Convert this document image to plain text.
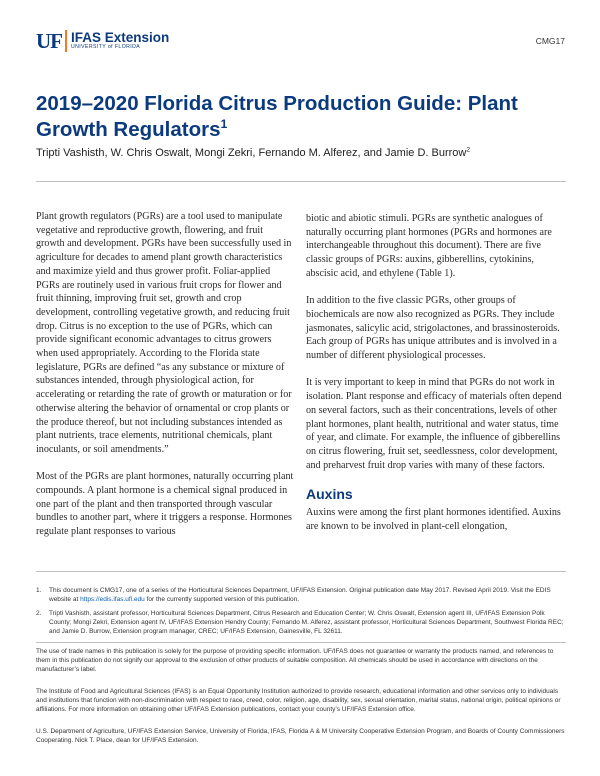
UF IFAS Extension
UNIVERSITY of FLORIDA
CMG17
2019–2020 Florida Citrus Production Guide: Plant Growth Regulators$^1$
Tripti Vashisth, W. Chris Oswalt, Mongi Zekri, Fernando M. Alferez, and Jamie D. Burrow$^2$

Plant growth regulators (PGRs) are a tool used to manipulate vegetative and reproductive growth, flowering, and fruit growth and development. PGRs have been successfully used in agriculture for decades to amend plant growth characteristics and maximize yield and thus grower profit. Foliar-applied PGRs are routinely used in various fruit crops for flower and fruit thinning, improving fruit set, growth and crop development, controlling vegetative growth, and reducing fruit drop. Citrus is no exception to the use of PGRs, which can provide significant economic advantages to citrus growers when used appropriately. According to the Florida state legislature, PGRs are defined “as any substance or mixture of substances intended, through physiological action, for accelerating or retarding the rate of growth or maturation or for otherwise altering the behavior of ornamental or crop plants or the produce thereof, but not including substances intended as plant nutrients, trace elements, nutritional chemicals, plant inoculants, or soil amendments.”

Most of the PGRs are plant hormones, naturally occurring plant compounds. A plant hormone is a chemical signal produced in one part of the plant and then transported through vascular bundles to another part, where it triggers a response. Hormones regulate plant responses to various

biotic and abiotic stimuli. PGRs are synthetic analogues of naturally occurring plant hormones (PGRs and hormones are interchangeable throughout this document). There are five classic groups of PGRs: auxins, gibberellins, cytokinins, abscisic acid, and ethylene (Table 1).

In addition to the five classic PGRs, other groups of biochemicals are now also recognized as PGRs. They include jasmonates, salicylic acid, strigolactones, and brassinosteroids. Each group of PGRs has unique attributes and is involved in a number of different physiological processes.

It is very important to keep in mind that PGRs do not work in isolation. Plant response and efficacy of materials often depend on several factors, such as their concentrations, levels of other plant hormones, plant health, nutritional and water status, time of year, and climate. For example, the influence of gibberellins on citrus flowering, fruit set, seedlessness, color development, and preharvest fruit drop varies with many of these factors.

Auxins

Auxins were among the first plant hormones identified. Auxins are known to be involved in plant-cell elongation,

1.	This document is CMG17, one of a series of the Horticultural Sciences Department, UF/IFAS Extension. Original publication date May 2017. Revised April 2019. Visit the EDIS website at https://edis.ifas.ufl.edu for the currently supported version of this publication.
2.	Tripti Vashisth, assistant professor, Horticultural Sciences Department, Citrus Research and Education Center; W. Chris Oswalt, Extension agent III, UF/IFAS Extension Polk County; Mongi Zekri, Extension agent IV, UF/IFAS Extension Hendry County; Fernando M. Alferez, assistant professor, Horticultural Sciences Department, Southwest Florida REC; and Jamie D. Burrow, Extension program manager, CREC; UF/IFAS Extension, Gainesville, FL 32611.
The use of trade names in this publication is solely for the purpose of providing specific information. UF/IFAS does not guarantee or warranty the products named, and references to them in this publication do not signify our approval to the exclusion of other products of suitable composition. All chemicals should be used in accordance with directions on the manufacturer’s label.
The Institute of Food and Agricultural Sciences (IFAS) is an Equal Opportunity Institution authorized to provide research, educational information and other services only to individuals and institutions that function with non-discrimination with respect to race, creed, color, religion, age, disability, sex, sexual orientation, marital status, national origin, political opinions or affiliations. For more information on obtaining other UF/IFAS Extension publications, contact your county’s UF/IFAS Extension office.
U.S. Department of Agriculture, UF/IFAS Extension Service, University of Florida, IFAS, Florida A & M University Cooperative Extension Program, and Boards of County Commissioners Cooperating. Nick T. Place, dean for UF/IFAS Extension.
